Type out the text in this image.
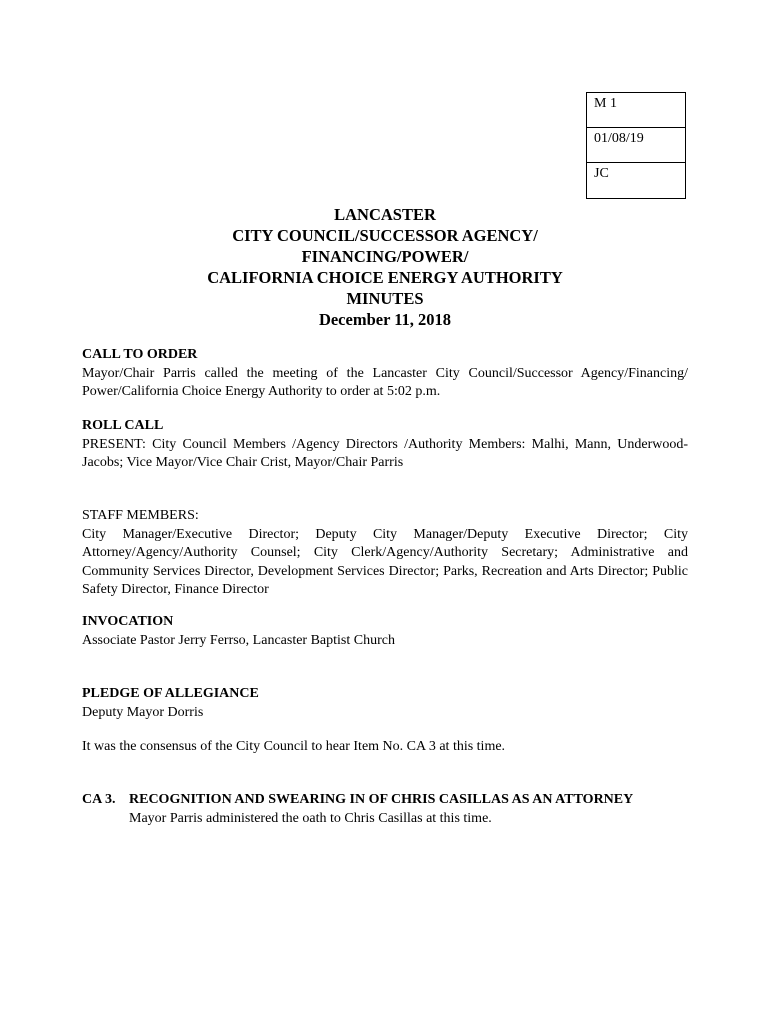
M 1
01/08/19
JC
LANCASTER
CITY COUNCIL/SUCCESSOR AGENCY/
FINANCING/POWER/
CALIFORNIA CHOICE ENERGY AUTHORITY
MINUTES
December 11, 2018
CALL TO ORDER
Mayor/Chair Parris called the meeting of the Lancaster City Council/Successor Agency/Financing/ Power/California Choice Energy Authority to order at 5:02 p.m.
ROLL CALL
PRESENT: City Council Members /Agency Directors /Authority Members: Malhi, Mann, Underwood-Jacobs; Vice Mayor/Vice Chair Crist, Mayor/Chair Parris
STAFF MEMBERS:
City Manager/Executive Director; Deputy City Manager/Deputy Executive Director; City Attorney/Agency/Authority Counsel; City Clerk/Agency/Authority Secretary; Administrative and Community Services Director, Development Services Director; Parks, Recreation and Arts Director; Public Safety Director, Finance Director
INVOCATION
Associate Pastor Jerry Ferrso, Lancaster Baptist Church
PLEDGE OF ALLEGIANCE
Deputy Mayor Dorris
It was the consensus of the City Council to hear Item No. CA 3 at this time.
CA 3. RECOGNITION AND SWEARING IN OF CHRIS CASILLAS AS AN ATTORNEY
Mayor Parris administered the oath to Chris Casillas at this time.
